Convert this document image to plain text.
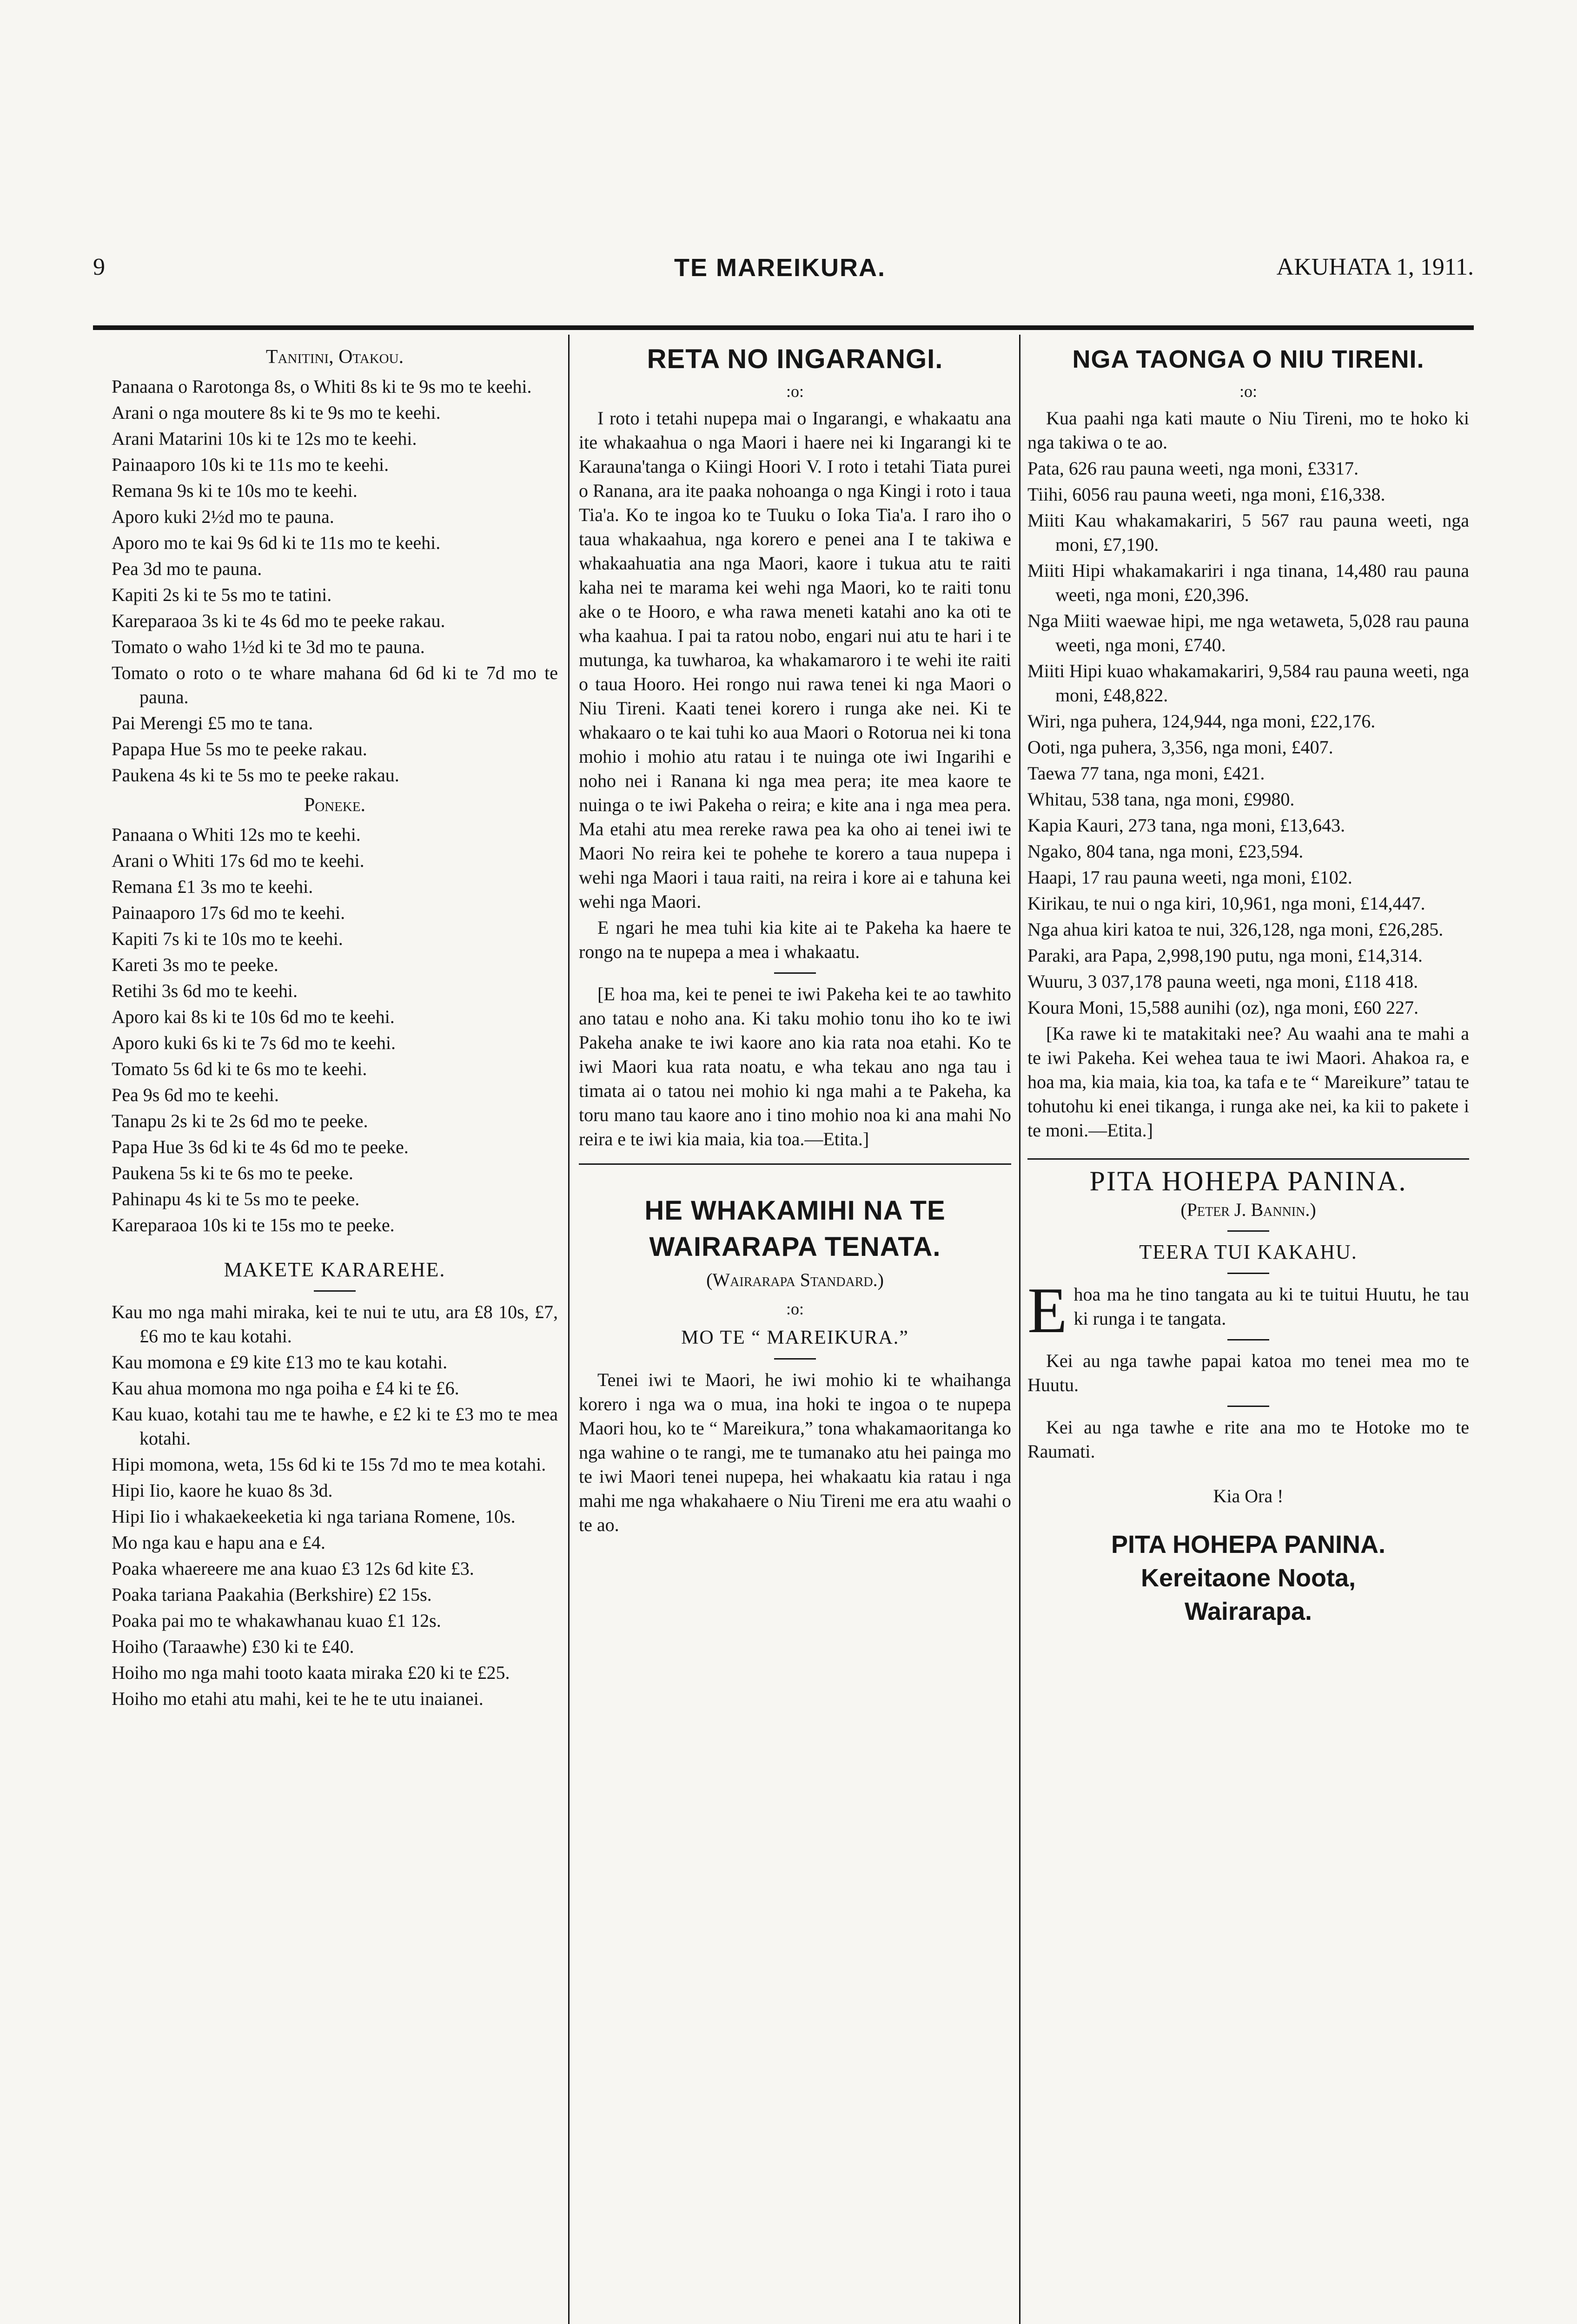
9	TE MAREIKURA.	AKUHATA 1, 1911.
Tanitini, Otakou.

Panaana o Rarotonga 8s, o Whiti 8s ki te 9s mo te keehi.

Arani o nga moutere 8s ki te 9s mo te keehi.

Arani Matarini 10s ki te 12s mo te keehi.

Painaaporo 10s ki te 11s mo te keehi.

Remana 9s ki te 10s mo te keehi.

Aporo kuki 2½d mo te pauna.

Aporo mo te kai 9s 6d ki te 11s mo te keehi.

Pea 3d mo te pauna.

Kapiti 2s ki te 5s mo te tatini.

Kareparaoa 3s ki te 4s 6d mo te peeke rakau.

Tomato o waho 1½d ki te 3d mo te pauna.

Tomato o roto o te whare mahana 6d 6d ki te 7d mo te pauna.

Pai Merengi £5 mo te tana.

Papapa Hue 5s mo te peeke rakau.

Paukena 4s ki te 5s mo te peeke rakau.

Poneke.

Panaana o Whiti 12s mo te keehi.

Arani o Whiti 17s 6d mo te keehi.

Remana £1 3s mo te keehi.

Painaaporo 17s 6d mo te keehi.

Kapiti 7s ki te 10s mo te keehi.

Kareti 3s mo te peeke.

Retihi 3s 6d mo te keehi.

Aporo kai 8s ki te 10s 6d mo te keehi.

Aporo kuki 6s ki te 7s 6d mo te keehi.

Tomato 5s 6d ki te 6s mo te keehi.

Pea 9s 6d mo te keehi.

Tanapu 2s ki te 2s 6d mo te peeke.

Papa Hue 3s 6d ki te 4s 6d mo te peeke.

Paukena 5s ki te 6s mo te peeke.

Pahinapu 4s ki te 5s mo te peeke.

Kareparaoa 10s ki te 15s mo te peeke.

MAKETE KARAREHE.

Kau mo nga mahi miraka, kei te nui te utu, ara £8 10s, £7, £6 mo te kau kotahi.

Kau momona e £9 kite £13 mo te kau kotahi.

Kau ahua momona mo nga poiha e £4 ki te £6.

Kau kuao, kotahi tau me te hawhe, e £2 ki te £3 mo te mea kotahi.

Hipi momona, weta, 15s 6d ki te 15s 7d mo te mea kotahi.

Hipi Iio, kaore he kuao 8s 3d.

Hipi Iio i whakaekeeketia ki nga tariana Romene, 10s.

Mo nga kau e hapu ana e £4.

Poaka whaereere me ana kuao £3 12s 6d kite £3.

Poaka tariana Paakahia (Berkshire) £2 15s.

Poaka pai mo te whakawhanau kuao £1 12s.

Hoiho (Taraawhe) £30 ki te £40.

Hoiho mo nga mahi tooto kaata miraka £20 ki te £25.

Hoiho mo etahi atu mahi, kei te he te utu inaianei.

RETA NO INGARANGI.
:o:

I roto i tetahi nupepa mai o Ingarangi, e whakaatu ana ite whakaahua o nga Maori i haere nei ki Ingarangi ki te Karauna'tanga o Kiingi Hoori V. I roto i tetahi Tiata purei o Ranana, ara ite paaka nohoanga o nga Kingi i roto i taua Tia'a. Ko te ingoa ko te Tuuku o Ioka Tia'a. I raro iho o taua whakaahua, nga korero e penei ana I te takiwa e whakaahuatia ana nga Maori, kaore i tukua atu te raiti kaha nei te marama kei wehi nga Maori, ko te raiti tonu ake o te Hooro, e wha rawa meneti katahi ano ka oti te wha kaahua. I pai ta ratou nobo, engari nui atu te hari i te mutunga, ka tuwharoa, ka whakamaroro i te wehi ite raiti o taua Hooro. Hei rongo nui rawa tenei ki nga Maori o Niu Tireni. Kaati tenei korero i runga ake nei. Ki te whakaaro o te kai tuhi ko aua Maori o Rotorua nei ki tona mohio i mohio atu ratau i te nuinga ote iwi Ingarihi e noho nei i Ranana ki nga mea pera; ite mea kaore te nuinga o te iwi Pakeha o reira; e kite ana i nga mea pera. Ma etahi atu mea rereke rawa pea ka oho ai tenei iwi te Maori No reira kei te pohehe te korero a taua nupepa i wehi nga Maori i taua raiti, na reira i kore ai e tahuna kei wehi nga Maori.

E ngari he mea tuhi kia kite ai te Pakeha ka haere te rongo na te nupepa a mea i whakaatu.

[E hoa ma, kei te penei te iwi Pakeha kei te ao tawhito ano tatau e noho ana. Ki taku mohio tonu iho ko te iwi Pakeha anake te iwi kaore ano kia rata noa etahi. Ko te iwi Maori kua rata noatu, e wha tekau ano nga tau i timata ai o tatou nei mohio ki nga mahi a te Pakeha, ka toru mano tau kaore ano i tino mohio noa ki ana mahi No reira e te iwi kia maia, kia toa.—Etita.]

HE WHAKAMIHI NA TE
WAIRARAPA TENATA.
(Wairarapa Standard.)
:o:
MO TE “ MAREIKURA.”

Tenei iwi te Maori, he iwi mohio ki te whaihanga korero i nga wa o mua, ina hoki te ingoa o te nupepa Maori hou, ko te “ Mareikura,” tona whakamaoritanga ko nga wahine o te rangi, me te tumanako atu hei painga mo te iwi Maori tenei nupepa, hei whakaatu kia ratau i nga mahi me nga whakahaere o Niu Tireni me era atu waahi o te ao.

NGA TAONGA O NIU TIRENI.
:o:

Kua paahi nga kati maute o Niu Tireni, mo te hoko ki nga takiwa o te ao.

Pata, 626 rau pauna weeti, nga moni, £3317.

Tiihi, 6056 rau pauna weeti, nga moni, £16,338.

Miiti Kau whakamakariri, 5 567 rau pauna weeti, nga moni, £7,190.

Miiti Hipi whakamakariri i nga tinana, 14,480 rau pauna weeti, nga moni, £20,396.

Nga Miiti waewae hipi, me nga wetaweta, 5,028 rau pauna weeti, nga moni, £740.

Miiti Hipi kuao whakamakariri, 9,584 rau pauna weeti, nga moni, £48,822.

Wiri, nga puhera, 124,944, nga moni, £22,176.

Ooti, nga puhera, 3,356, nga moni, £407.

Taewa 77 tana, nga moni, £421.

Whitau, 538 tana, nga moni, £9980.

Kapia Kauri, 273 tana, nga moni, £13,643.

Ngako, 804 tana, nga moni, £23,594.

Haapi, 17 rau pauna weeti, nga moni, £102.

Kirikau, te nui o nga kiri, 10,961, nga moni, £14,447.

Nga ahua kiri katoa te nui, 326,128, nga moni, £26,285.

Paraki, ara Papa, 2,998,190 putu, nga moni, £14,314.

Wuuru, 3 037,178 pauna weeti, nga moni, £118 418.

Koura Moni, 15,588 aunihi (oz), nga moni, £60 227.

[Ka rawe ki te matakitaki nee? Au waahi ana te mahi a te iwi Pakeha. Kei wehea taua te iwi Maori. Ahakoa ra, e hoa ma, kia maia, kia toa, ka tafa e te “ Mareikure” tatau te tohutohu ki enei tikanga, i runga ake nei, ka kii to pakete i te moni.—Etita.]

PITA HOHEPA PANINA.
(Peter J. Bannin.)
TEERA TUI KAKAHU.

Ehoa ma he tino tangata au ki te tuitui Huutu, he tau ki runga i te tangata.

Kei au nga tawhe papai katoa mo tenei mea mo te Huutu.

Kei au nga tawhe e rite ana mo te Hotoke mo te Raumati.

Kia Ora !
PITA HOHEPA PANINA.
Kereitaone Noota,
Wairarapa.
